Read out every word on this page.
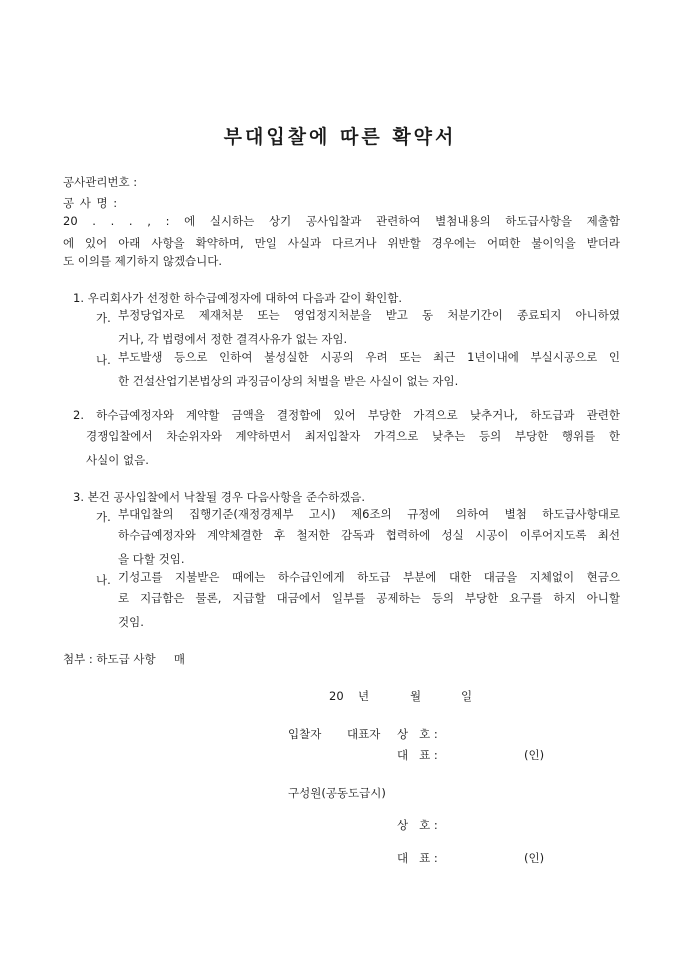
부대입찰에 따른 확약서
공사관리번호 :
공 사 명 :
20 . . . , : 에 실시하는 상기 공사입찰과 관련하여 별첨내용의 하도급사항을 제출함
에 있어 아래 사항을 확약하며, 만일 사실과 다르거나 위반할 경우에는 어떠한 불이익을 받더라
도 이의를 제기하지 않겠습니다.
1. 우리회사가 선정한 하수급예정자에 대하여 다음과 같이 확인함.
가. 부정당업자로 제재처분 또는 영업정지처분을 받고 동 처분기간이 종료되지 아니하였
거나, 각 법령에서 정한 결격사유가 없는 자임.
나. 부도발생 등으로 인하여 불성실한 시공의 우려 또는 최근 1년이내에 부실시공으로 인
한 건설산업기본법상의 과징금이상의 처벌을 받은 사실이 없는 자임.
2. 하수급예정자와 계약할 금액을 결정함에 있어 부당한 가격으로 낮추거나, 하도급과 관련한
경쟁입찰에서 차순위자와 계약하면서 최저입찰자 가격으로 낮추는 등의 부당한 행위를 한
사실이 없음.
3. 본건 공사입찰에서 낙찰될 경우 다음사항을 준수하겠음.
가. 부대입찰의 집행기준(재정경제부 고시) 제6조의 규정에 의하여 별첨 하도급사항대로
하수급예정자와 계약체결한 후 철저한 감독과 협력하에 성실 시공이 이루어지도록 최선
을 다할 것임.
나. 기성고를 지불받은 때에는 하수급인에게 하도급 부분에 대한 대금을 지체없이 현금으
로 지급함은 물론, 지급할 대금에서 일부를 공제하는 등의 부당한 요구를 하지 아니할
것임.
첨부 : 하도급 사항     매
20 년	월	일
입찰자 대표자 상   호 :
대   표 :	(인)
구성원(공동도급시)
상   호 :
대   표 :	(인)
